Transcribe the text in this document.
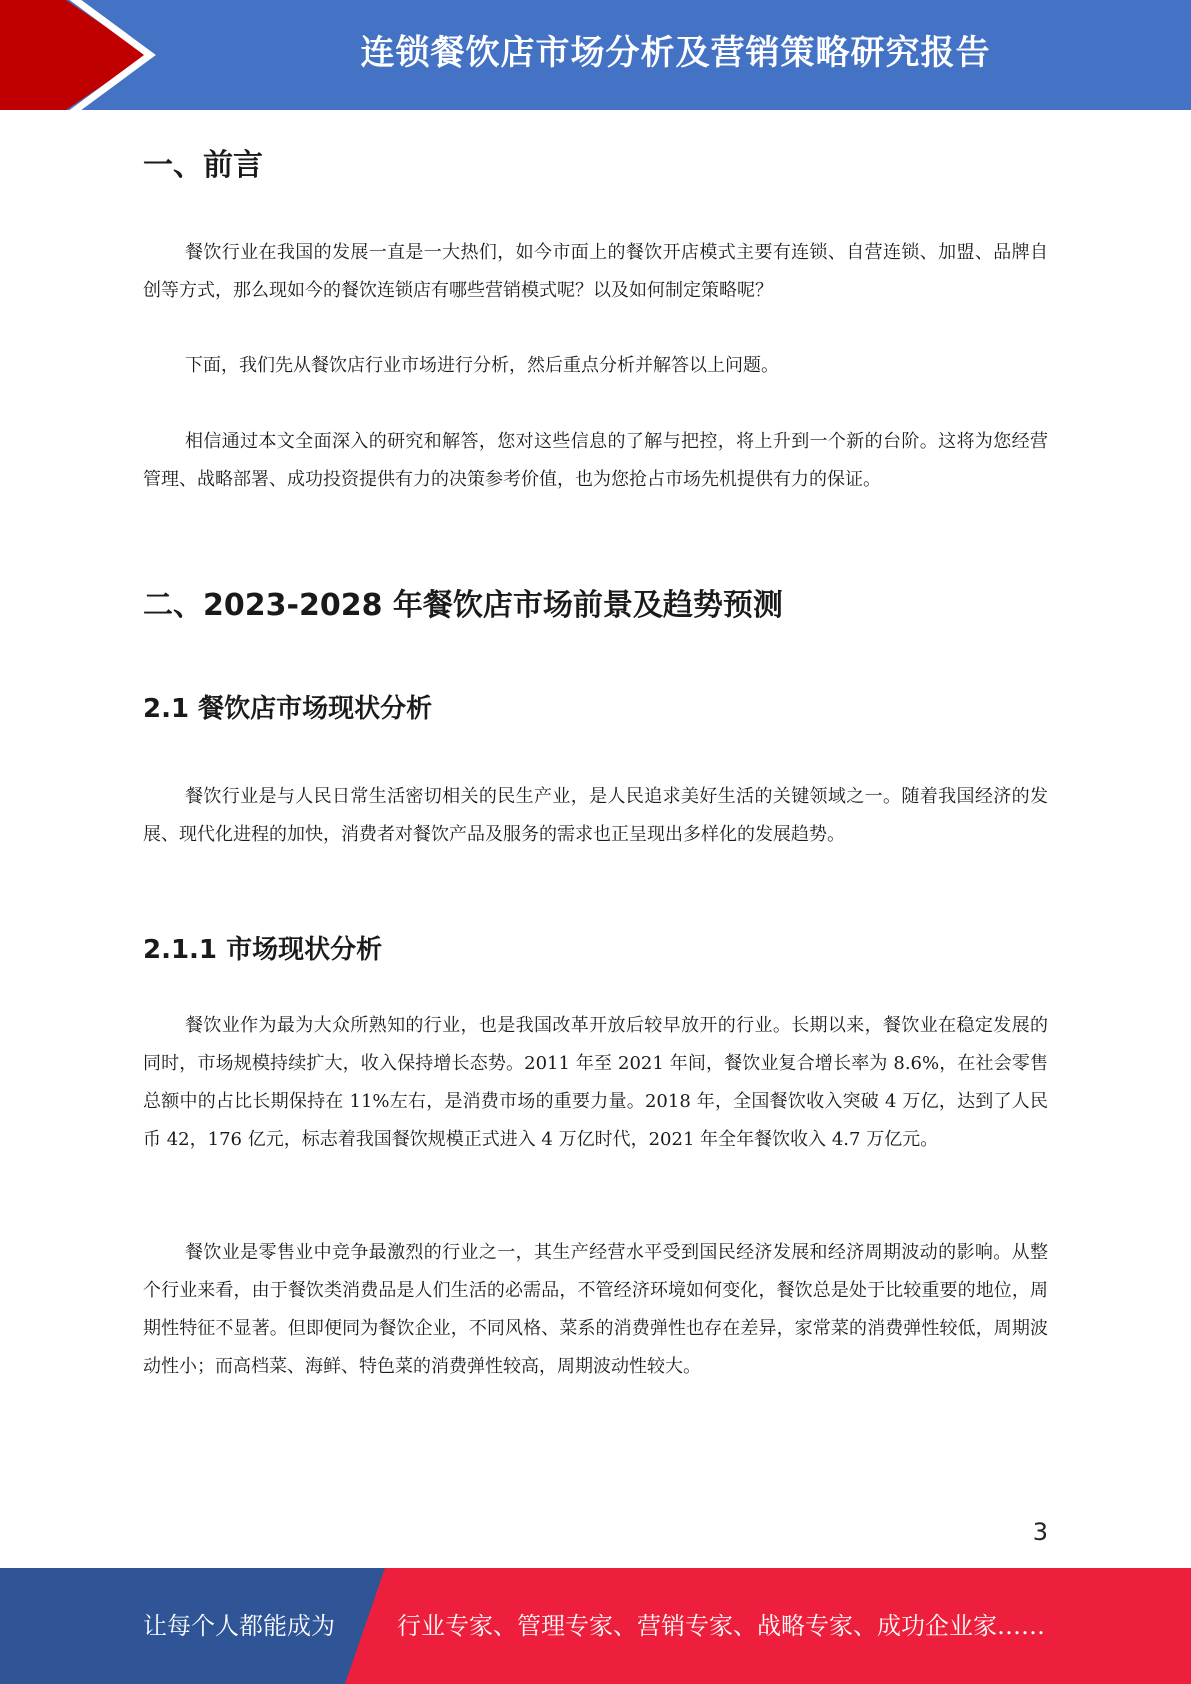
连锁餐饮店市场分析及营销策略研究报告
一、前言

餐饮行业在我国的发展一直是一大热们，如今市面上的餐饮开店模式主要有连锁、自营连锁、加盟、品牌自创等方式，那么现如今的餐饮连锁店有哪些营销模式呢？以及如何制定策略呢？

下面，我们先从餐饮店行业市场进行分析，然后重点分析并解答以上问题。

相信通过本文全面深入的研究和解答，您对这些信息的了解与把控，将上升到一个新的台阶。这将为您经营管理、战略部署、成功投资提供有力的决策参考价值，也为您抢占市场先机提供有力的保证。

二、2023-2028 年餐饮店市场前景及趋势预测
2.1 餐饮店市场现状分析

餐饮行业是与人民日常生活密切相关的民生产业，是人民追求美好生活的关键领域之一。随着我国经济的发展、现代化进程的加快，消费者对餐饮产品及服务的需求也正呈现出多样化的发展趋势。

2.1.1 市场现状分析

餐饮业作为最为大众所熟知的行业，也是我国改革开放后较早放开的行业。长期以来，餐饮业在稳定发展的同时，市场规模持续扩大，收入保持增长态势。2011 年至 2021 年间，餐饮业复合增长率为 8.6%，在社会零售总额中的占比长期保持在 11%左右，是消费市场的重要力量。2018 年，全国餐饮收入突破 4 万亿，达到了人民币 42，176 亿元，标志着我国餐饮规模正式进入 4 万亿时代，2021 年全年餐饮收入 4.7 万亿元。

餐饮业是零售业中竞争最激烈的行业之一，其生产经营水平受到国民经济发展和经济周期波动的影响。从整个行业来看，由于餐饮类消费品是人们生活的必需品，不管经济环境如何变化，餐饮总是处于比较重要的地位，周期性特征不显著。但即便同为餐饮企业，不同风格、菜系的消费弹性也存在差异，家常菜的消费弹性较低，周期波动性小；而高档菜、海鲜、特色菜的消费弹性较高，周期波动性较大。

3
让每个人都能成为	行业专家、管理专家、营销专家、战略专家、成功企业家……
